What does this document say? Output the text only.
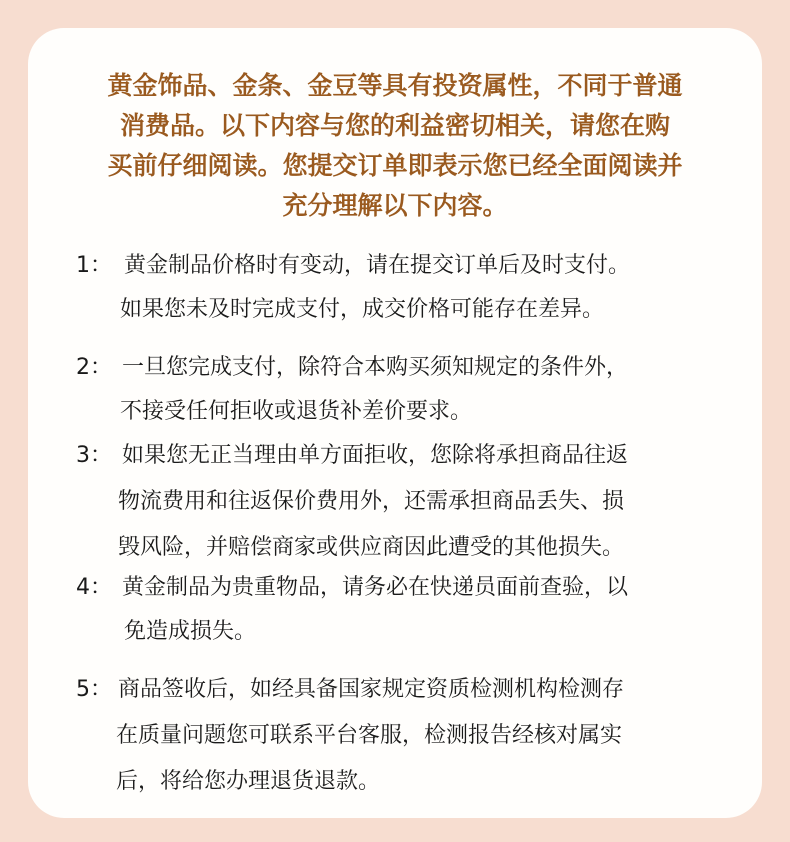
黄金饰品、金条、金豆等具有投资属性，不同于普通
消费品。以下内容与您的利益密切相关，请您在购
买前仔细阅读。您提交订单即表示您已经全面阅读并
充分理解以下内容。

1： 黄金制品价格时有变动，请在提交订单后及时支付。
如果您未及时完成支付，成交价格可能存在差异。
2： 一旦您完成支付，除符合本购买须知规定的条件外，
不接受任何拒收或退货补差价要求。
3： 如果您无正当理由单方面拒收，您除将承担商品往返
物流费用和往返保价费用外，还需承担商品丢失、损
毁风险，并赔偿商家或供应商因此遭受的其他损失。
4： 黄金制品为贵重物品，请务必在快递员面前查验，以
免造成损失。
5： 商品签收后，如经具备国家规定资质检测机构检测存
在质量问题您可联系平台客服，检测报告经核对属实
后，将给您办理退货退款。
